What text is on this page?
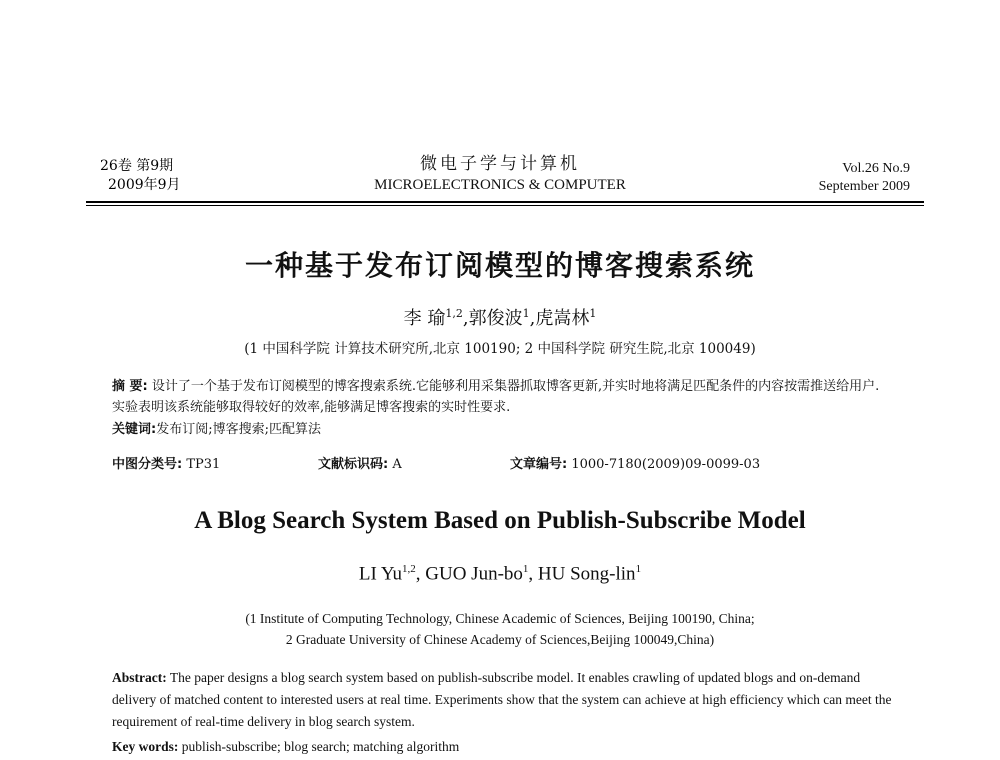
26卷 第9期
2009年9月
微电子学与计算机
MICROELECTRONICS & COMPUTER
Vol.26 No.9
September 2009
一种基于发布订阅模型的博客搜索系统
李 瑜$^{1,2}$,郭俊波$^1$,虎嵩林$^1$
(1 中国科学院 计算技术研究所,北京 100190; 2 中国科学院 研究生院,北京 100049)
摘 要: 设计了一个基于发布订阅模型的博客搜索系统.它能够利用采集器抓取博客更新,并实时地将满足匹配条件的内容按需推送给用户.实验表明该系统能够取得较好的效率,能够满足博客搜索的实时性要求.
关键词:发布订阅;博客搜索;匹配算法
中图分类号: TP31	文献标识码: A	文章编号: 1000-7180(2009)09-0099-03
A Blog Search System Based on Publish-Subscribe Model
LI Yu$^{1,2}$, GUO Jun-$bo^1$, HU Song-lin$^1$
(1 Institute of Computing Technology, Chinese Academic of Sciences, Beijing 100190, China;
2 Graduate University of Chinese Academy of Sciences,Beijing 100049,China)
Abstract: The paper designs a blog search system based on publish-subscribe model. It enables crawling of updated blogs and on-demand delivery of matched content to interested users at real time. Experiments show that the system can achieve at high efficiency which can meet the requirement of real-time delivery in blog search system.
Key words: publish-subscribe; blog search; matching algorithm
